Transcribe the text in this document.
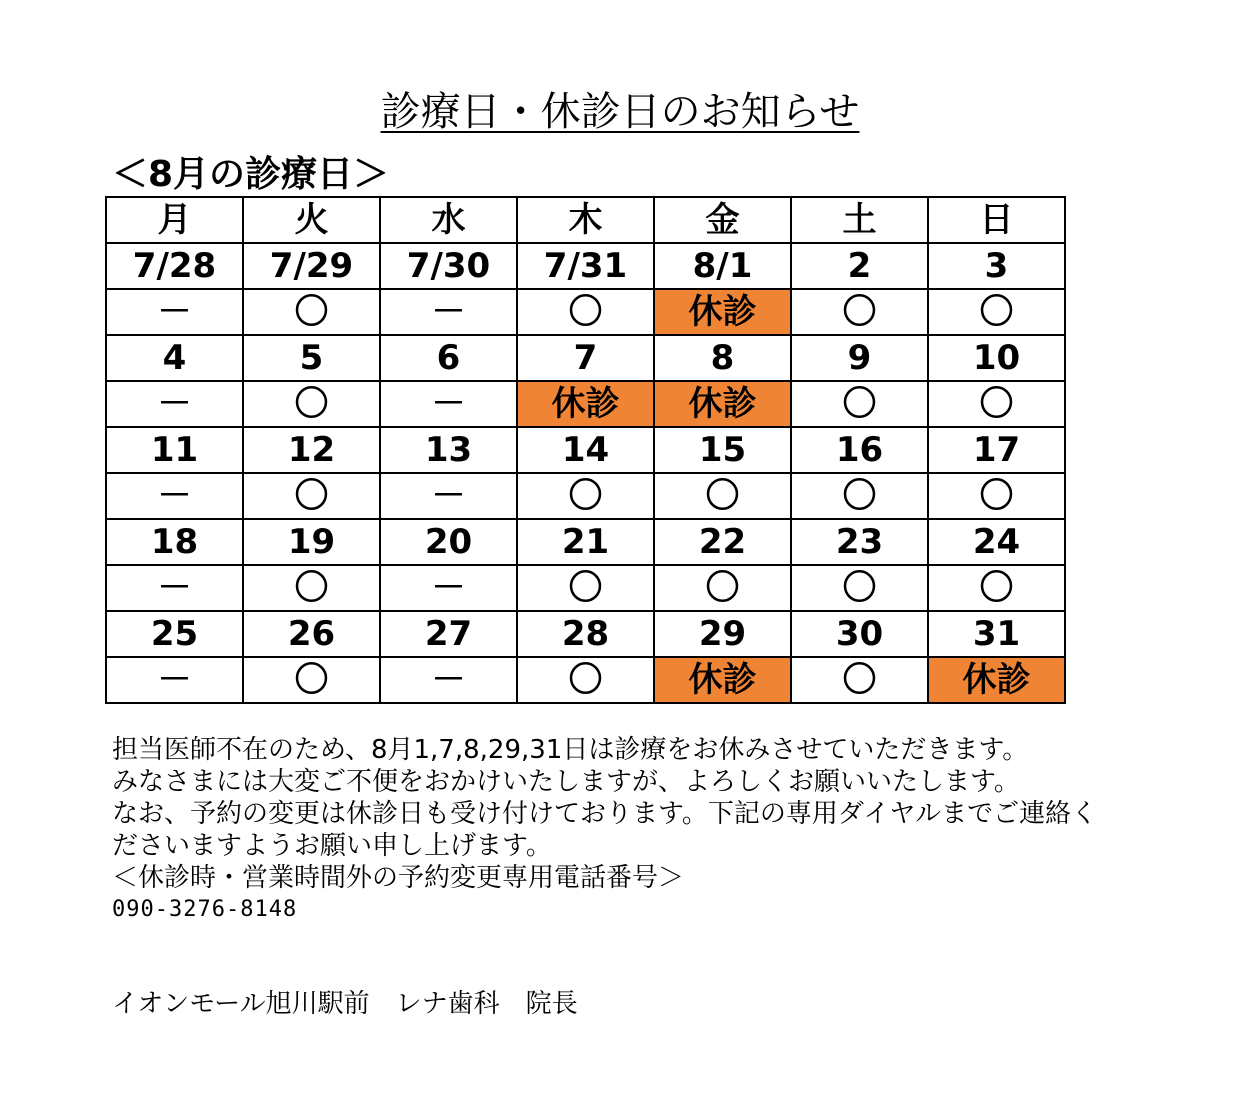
診療日・休診日のお知らせ
＜8月の診療日＞
月	火	水	木	金	土	日
7/28	7/29	7/30	7/31	8/1	2	3
－	〇	－	〇	休診	〇	〇
4	5	6	7	8	9	10
－	〇	－	休診	休診	〇	〇
11	12	13	14	15	16	17
－	〇	－	〇	〇	〇	〇
18	19	20	21	22	23	24
－	〇	－	〇	〇	〇	〇
25	26	27	28	29	30	31
－	〇	－	〇	休診	〇	休診

担当医師不在のため、8月1,7,8,29,31日は診療をお休みさせていただきます。

みなさまには大変ご不便をおかけいたしますが、よろしくお願いいたします。

なお、予約の変更は休診日も受け付けております。下記の専用ダイヤルまでご連絡くださいますようお願い申し上げます。

＜休診時・営業時間外の予約変更専用電話番号＞

090-3276-8148

イオンモール旭川駅前　レナ歯科　院長
